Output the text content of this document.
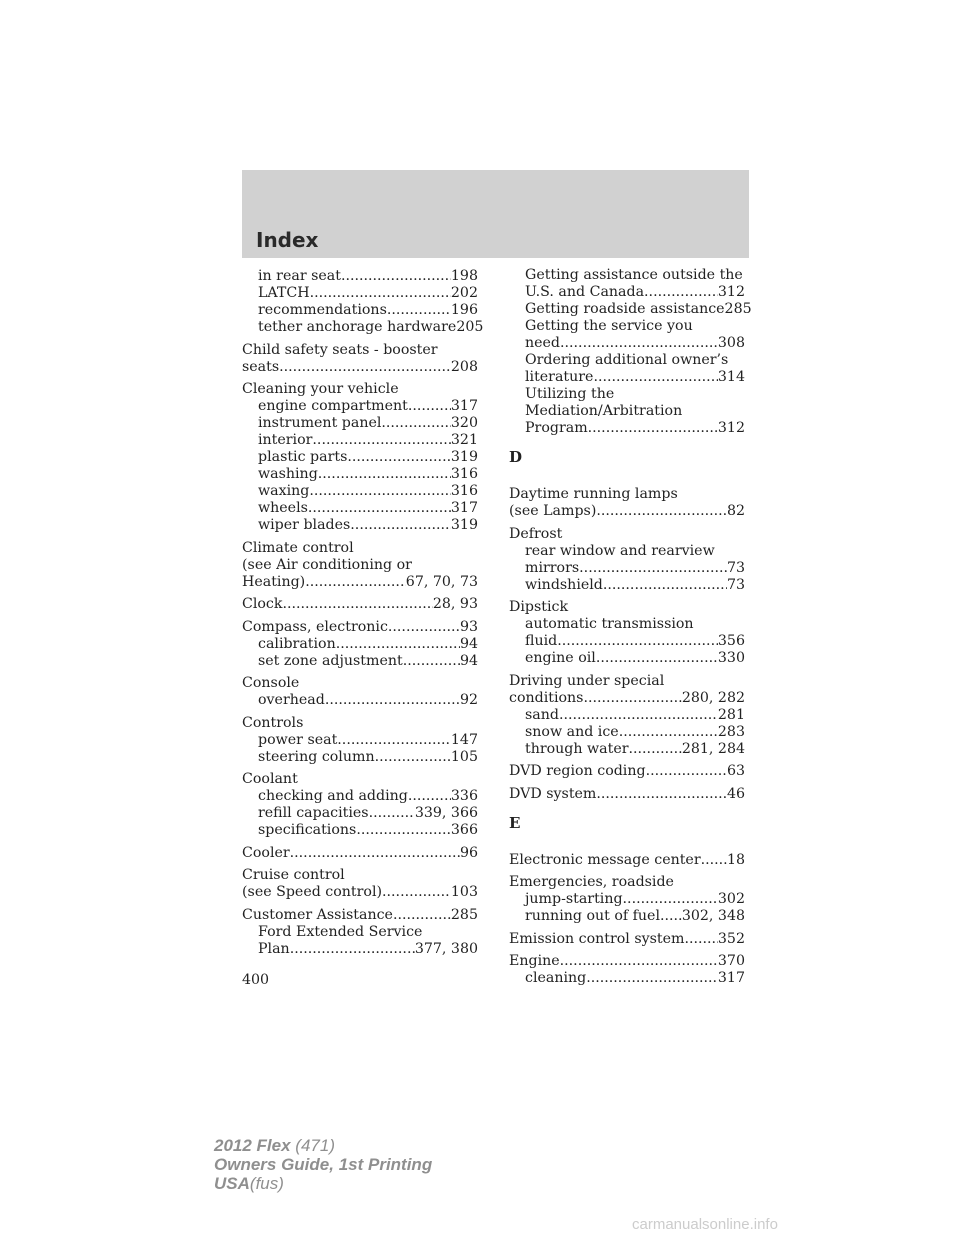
Index
in rear seat .....	198
LATCH .....	202
recommendations .....	196
tether anchorage hardware 205
Child safety seats - booster
seats .....	208
Cleaning your vehicle
engine compartment .....	317
instrument panel .....	320
interior .....	321
plastic parts .....	319
washing .....	316
waxing .....	316
wheels .....	317
wiper blades .....	319
Climate control
(see Air conditioning or
Heating) .....	67, 70, 73
Clock .....	28, 93
Compass, electronic .....	93
calibration .....	94
set zone adjustment .....	94
Console
overhead .....	92
Controls
power seat .....	147
steering column .....	105
Coolant
checking and adding .....	336
refill capacities .....	339, 366
specifications .....	366
Cooler .....	96
Cruise control
(see Speed control) .....	103
Customer Assistance .....	285
Ford Extended Service
Plan .....	377, 380
Getting assistance outside the
U.S. and Canada .....	312
Getting roadside assistance 285
Getting the service you
need .....	308
Ordering additional owner’s
literature .....	314
Utilizing the
Mediation/Arbitration
Program .....	312
D
Daytime running lamps
(see Lamps) .....	82
Defrost
rear window and rearview
mirrors .....	73
windshield .....	73
Dipstick
automatic transmission
fluid .....	356
engine oil .....	330
Driving under special
conditions .....	280, 282
sand .....	281
snow and ice .....	283
through water .....	281, 284
DVD region coding .....	63
DVD system .....	46
E
Electronic message center ..... 18
Emergencies, roadside
jump-starting .....	302
running out of fuel ..... 302, 348
Emission control system ..... 352
Engine .....	370
cleaning .....	317
400
2012 Flex (471)
Owners Guide, 1st Printing
USA(fus)
carmanualsonline.info
